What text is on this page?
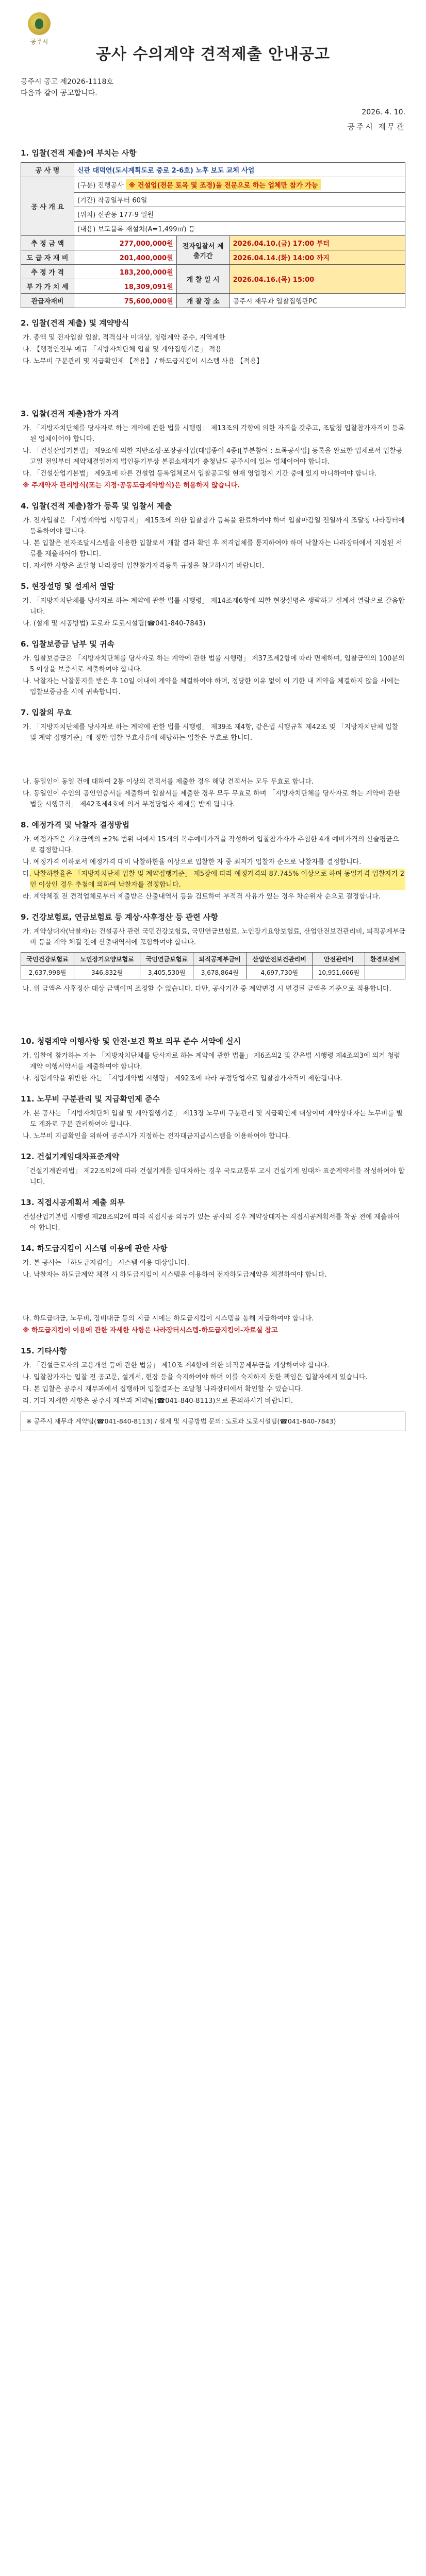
공주시
공사 수의계약 견적제출 안내공고
공주시 공고 제2026-1118호
다음과 같이 공고합니다.
2026. 4. 10.
공주시 재무관
1. 입찰(견적 제출)에 부치는 사항
공 사 명	신관 대덕연(도시계획도로 중로 2-6호) 노후 보도 교체 사업		
공 사 개 요	(구분) 진행공사 ※ 건설업(전문 토목 및 조경)을 전문으로 하는 업체만 참가 가능		
	(기간) 착공일부터 60일		
	(위치) 신관동 177-9 일원		
	(내용) 보도블록 재설치(A=1,499㎡) 등		
추 정 금 액	277,000,000원	전자입찰서 제출기간	2026.04.10.(금) 17:00 부터
도 급 자 재 비	201,400,000원		2026.04.14.(화) 14:00 까지
추 정 가 격	183,200,000원	개 찰 일 시	2026.04.16.(목) 15:00
부 가 가 치 세	18,309,091원		
관급자재비	75,600,000원	개 찰 장 소	공주시 재무과 입찰집행관PC
2. 입찰(견적 제출) 및 계약방식
가. 총액 및 전자입찰 입찰, 적격심사 미대상, 청렴계약 준수, 지역제한
나. 【행정안전부 예규 「지방자치단체 입찰 및 계약집행기준」 적용
다. 노무비 구분관리 및 지급확인제 【적용】 / 하도급지킴이 시스템 사용 【적용】
3. 입찰(견적 제출)참가 자격
가. 「지방자치단체를 당사자로 하는 계약에 관한 법률 시행령」 제13조의 각항에 의한 자격을 갖추고, 조달청 입찰참가자격이 등록된 업체이어야 합니다.
나. 「건설산업기본법」 제9조에 의한 지반조성·포장공사업(대업종이 4종)[부분참여 : 토목공사업] 등록을 완료한 업체로서 입찰공고일 전일부터 계약체결일까지 법인등기부상 본점소재지가 충청남도 공주시에 있는 업체이어야 합니다.
다. 「건설산업기본법」 제9조에 따른 건설업 등록업체로서 입찰공고일 현재 영업정지 기간 중에 있지 아니하여야 합니다.
※ 주계약자 관리방식(또는 지정·공동도급계약방식)은 허용하지 않습니다.
4. 입찰(견적 제출)참가 등록 및 입찰서 제출
가. 전자입찰은 「지방계약법 시행규칙」 제15조에 의한 입찰참가 등록을 완료하여야 하며 입찰마감일 전일까지 조달청 나라장터에 등록하여야 합니다.
나. 본 입찰은 전자조달시스템을 이용한 입찰로서 개찰 결과 확인 후 적격업체를 통지하여야 하며 낙찰자는 나라장터에서 지정된 서류를 제출하여야 합니다.
다. 자세한 사항은 조달청 나라장터 입찰참가자격등록 규정을 참고하시기 바랍니다.
5. 현장설명 및 설계서 열람
가. 「지방자치단체를 당사자로 하는 계약에 관한 법률 시행령」 제14조제6항에 의한 현장설명은 생략하고 설계서 열람으로 갈음합니다.
나. (설계 및 시공방법) 도로과 도로시설팀(☎041-840-7843)
6. 입찰보증금 납부 및 귀속
가. 입찰보증금은 「지방자치단체를 당사자로 하는 계약에 관한 법률 시행령」 제37조제2항에 따라 면제하며, 입찰금액의 100분의 5 이상을 보증서로 제출하여야 합니다.
나. 낙찰자는 낙찰통지를 받은 후 10일 이내에 계약을 체결하여야 하며, 정당한 이유 없이 이 기한 내 계약을 체결하지 않을 시에는 입찰보증금을 시에 귀속합니다.
7. 입찰의 무효
가. 「지방자치단체를 당사자로 하는 계약에 관한 법률 시행령」 제39조 제4항, 같은법 시행규칙 제42조 및 「지방자치단체 입찰 및 계약 집행기준」에 정한 입찰 무효사유에 해당하는 입찰은 무효로 합니다.
나. 동일인이 동일 건에 대하여 2통 이상의 견적서를 제출한 경우 해당 견적서는 모두 무효로 합니다.
다. 동일인이 수인의 공인인증서를 제출하여 입찰서를 제출한 경우 모두 무효로 하며 「지방자치단체를 당사자로 하는 계약에 관한 법률 시행규칙」 제42조제4호에 의거 부정당업자 제재를 받게 됩니다.
8. 예정가격 및 낙찰자 결정방법
가. 예정가격은 기초금액의 ±2% 범위 내에서 15개의 복수예비가격을 작성하여 입찰참가자가 추첨한 4개 예비가격의 산술평균으로 결정합니다.
나. 예정가격 이하로서 예정가격 대비 낙찰하한율 이상으로 입찰한 자 중 최저가 입찰자 순으로 낙찰자를 결정합니다.
다. 낙찰하한율은 「지방자치단체 입찰 및 계약집행기준」 제5장에 따라 예정가격의 87.745% 이상으로 하며 동일가격 입찰자가 2인 이상인 경우 추첨에 의하여 낙찰자를 결정합니다.
라. 계약체결 전 견적업체로부터 제출받은 산출내역서 등을 검토하여 부적격 사유가 있는 경우 차순위자 순으로 결정합니다.
9. 건강보험료, 연금보험료 등 계상·사후정산 등 관련 사항
가. 계약상대자(낙찰자)는 건설공사 관련 국민건강보험료, 국민연금보험료, 노인장기요양보험료, 산업안전보건관리비, 퇴직공제부금비 등을 계약 체결 전에 산출내역서에 포함하여야 합니다.
국민건강보험료	노인장기요양보험료	국민연금보험료	퇴직공제부금비	산업안전보건관리비	안전관리비	환경보전비
2,637,998원	346,832원	3,405,530원	3,678,864원	4,697,730원	10,951,666원	
나. 위 금액은 사후정산 대상 금액이며 조정할 수 없습니다. 다만, 공사기간 중 계약변경 시 변경된 금액을 기준으로 적용합니다.
10. 청렴계약 이행사항 및 안전·보건 확보 의무 준수 서약에 실시
가. 입찰에 참가하는 자는 「지방자치단체를 당사자로 하는 계약에 관한 법률」 제6조의2 및 같은법 시행령 제4조의3에 의거 청렴계약 이행서약서를 제출하여야 합니다.
나. 청렴계약을 위반한 자는 「지방계약법 시행령」 제92조에 따라 부정당업자로 입찰참가자격이 제한됩니다.
11. 노무비 구분관리 및 지급확인제 준수
가. 본 공사는 「지방자치단체 입찰 및 계약집행기준」 제13장 노무비 구분관리 및 지급확인제 대상이며 계약상대자는 노무비를 별도 계좌로 구분 관리하여야 합니다.
나. 노무비 지급확인을 위하여 공주시가 지정하는 전자대금지급시스템을 이용하여야 합니다.
12. 건설기계임대차표준계약
「건설기계관리법」 제22조의2에 따라 건설기계를 임대차하는 경우 국토교통부 고시 건설기계 임대차 표준계약서를 작성하여야 합니다.
13. 직접시공계획서 제출 의무
건설산업기본법 시행령 제28조의2에 따라 직접시공 의무가 있는 공사의 경우 계약상대자는 직접시공계획서를 착공 전에 제출하여야 합니다.
14. 하도급지킴이 시스템 이용에 관한 사항
가. 본 공사는 「하도급지킴이」 시스템 이용 대상입니다.
나. 낙찰자는 하도급계약 체결 시 하도급지킴이 시스템을 이용하여 전자하도급계약을 체결하여야 합니다.
다. 하도급대금, 노무비, 장비대금 등의 지급 시에는 하도급지킴이 시스템을 통해 지급하여야 합니다.
※ 하도급지킴이 이용에 관한 자세한 사항은 나라장터시스템-하도급지킴이-자료실 참고
15. 기타사항
가. 「건설근로자의 고용개선 등에 관한 법률」 제10조 제4항에 의한 퇴직공제부금을 계상하여야 합니다.
나. 입찰참가자는 입찰 전 공고문, 설계서, 현장 등을 숙지하여야 하며 이를 숙지하지 못한 책임은 입찰자에게 있습니다.
다. 본 입찰은 공주시 재무과에서 집행하며 입찰결과는 조달청 나라장터에서 확인할 수 있습니다.
라. 기타 자세한 사항은 공주시 재무과 계약팀(☎041-840-8113)으로 문의하시기 바랍니다.
※ 공주시 재무과 계약팀(☎041-840-8113) / 설계 및 시공방법 문의: 도로과 도로시설팀(☎041-840-7843)
